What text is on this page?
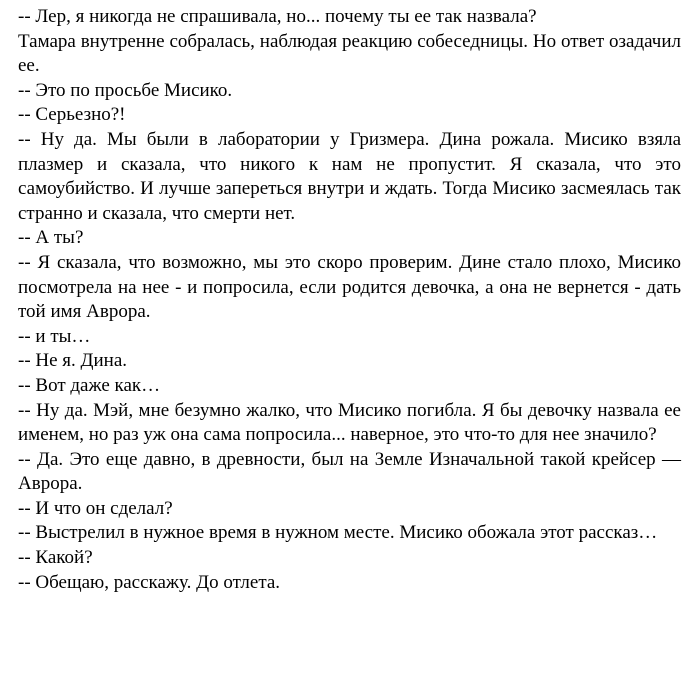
-- Лер, я никогда не спрашивала, но... почему ты ее так назвала?

Тамара внутренне собралась, наблюдая реакцию собеседницы. Но ответ озадачил ее.

-- Это по просьбе Мисико.

-- Серьезно?!

-- Ну да. Мы были в лаборатории у Гризмера. Дина рожала. Мисико взяла плазмер и сказала, что никого к нам не пропустит. Я сказала, что это самоубийство. И лучше запереться внутри и ждать. Тогда Мисико засмеялась так странно и сказала, что смерти нет.

-- А ты?

-- Я сказала, что возможно, мы это скоро проверим. Дине стало плохо, Мисико посмотрела на нее - и попросила, если родится девочка, а она не вернется - дать той имя Аврора.

-- и ты…

-- Не я. Дина.

-- Вот даже как…

-- Ну да. Мэй, мне безумно жалко, что Мисико погибла. Я бы девочку назвала ее именем, но раз уж она сама попросила... наверное, это что-то для нее значило?

-- Да. Это еще давно, в древности, был на Земле Изначальной такой крейсер — Аврора.

-- И что он сделал?

-- Выстрелил в нужное время в нужном месте. Мисико обожала этот рассказ…

-- Какой?

-- Обещаю, расскажу. До отлета.
